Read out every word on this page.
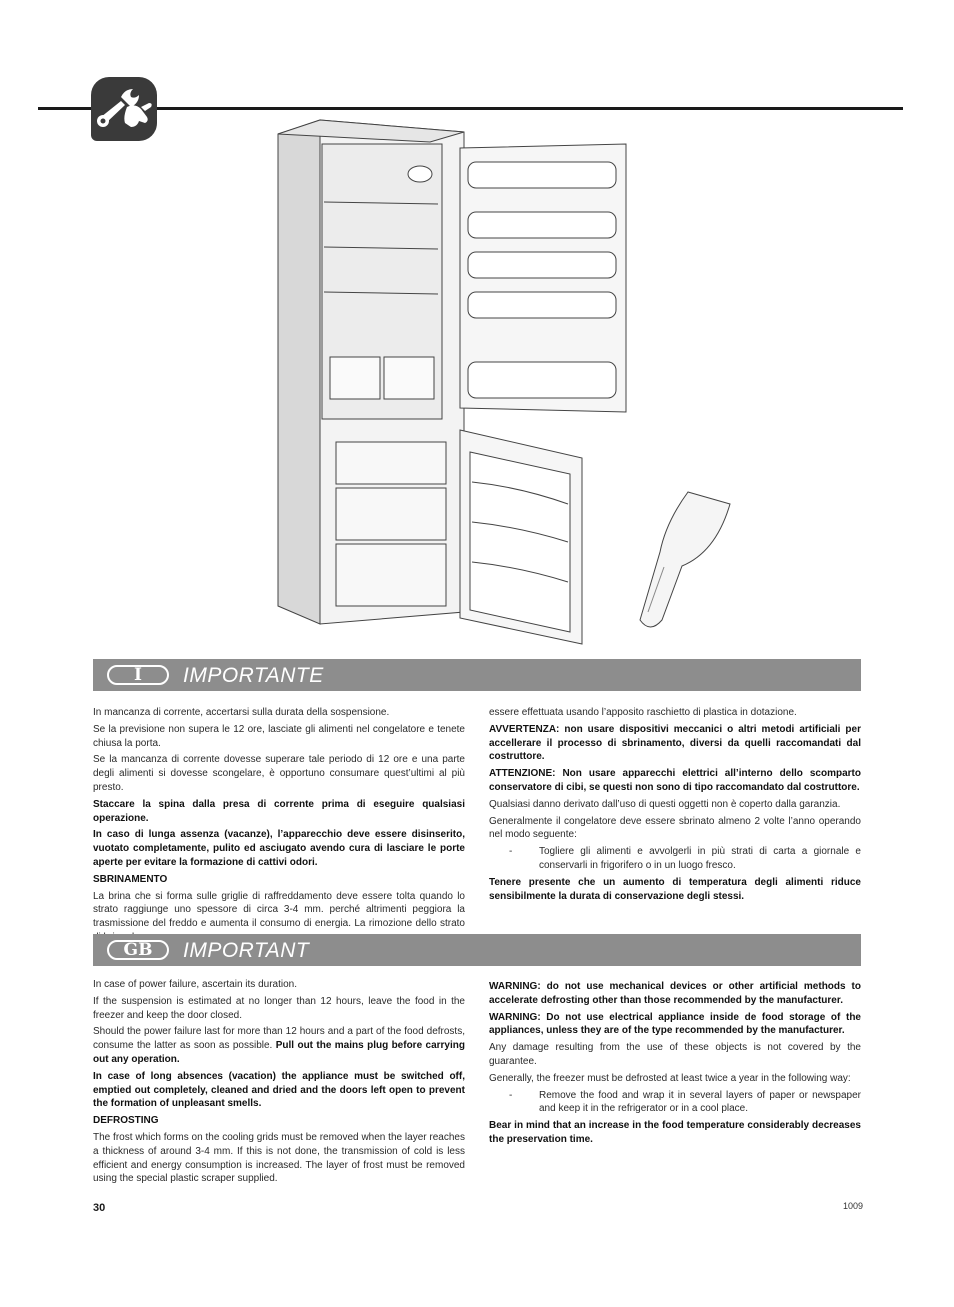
I	IMPORTANTE

In mancanza di corrente, accertarsi sulla durata della sospensione.

Se la previsione non supera le 12 ore, lasciate gli alimenti nel congelatore e tenete chiusa la porta.

Se la mancanza di corrente dovesse superare tale periodo di 12 ore e una parte degli alimenti si dovesse scongelare, è opportuno consumare quest’ultimi al più presto.

Staccare la spina dalla presa di corrente prima di eseguire qualsiasi operazione.

In caso di lunga assenza (vacanze), l’apparecchio deve essere disinserito, vuotato completamente, pulito ed asciugato avendo cura di lasciare le porte aperte per evitare la formazione di cattivi odori.

SBRINAMENTO

La brina che si forma sulle griglie di raffreddamento deve essere tolta quando lo strato raggiunge uno spessore di circa 3-4 mm. perché altrimenti peggiora la trasmissione del freddo e aumenta il consumo di energia. La rimozione dello strato

essere effettuata usando l’apposito raschietto di plastica in dotazione.

AVVERTENZA: non usare dispositivi meccanici o altri metodi artificiali per accellerare il processo di sbrinamento, diversi da quelli raccomandati dal costruttore.

ATTENZIONE: Non usare apparecchi elettrici all’interno dello scomparto conservatore di cibi, se questi non sono di tipo raccomandato dal costruttore.

Qualsiasi danno derivato dall’uso di questi oggetti non è coperto dalla garanzia.

Generalmente il congelatore deve essere sbrinato almeno 2 volte l’anno operando nel modo seguente:

-	Togliere gli alimenti e avvolgerli in più strati di carta a giornale e conservarli in frigorifero o in un luogo fresco.

Tenere presente che un aumento di temperatura degli alimenti riduce sensibilmente la durata di conservazione degli stessi.

GB	IMPORTANT

In case of power failure, ascertain its duration.

If the suspension is estimated at no longer than 12 hours, leave the food in the freezer and keep the door closed.

Should the power failure last for more than 12 hours and a part of the food defrosts, consume the latter as soon as possible. Pull out the mains plug before carrying out any operation.

In case of long absences (vacation) the appliance must be switched off, emptied out completely, cleaned and dried and the doors left open to prevent the formation of unpleasant smells.

DEFROSTING

The frost which forms on the cooling grids must be removed when the layer reaches a thickness of around 3-4 mm. If this is not done, the transmission of cold is less efficient and energy consumption is increased. The layer of frost must be removed using the special plastic scraper supplied.

WARNING: do not use mechanical devices or other artificial methods to accelerate defrosting other than those recommended by the manufacturer.

WARNING: Do not use electrical appliance inside de food storage of the appliances, unless they are of the type recommended by the manufacturer.

Any damage resulting from the use of these objects is not covered by the guarantee.

Generally, the freezer must be defrosted at least twice a year in the following way:

-	Remove the food and wrap it in several layers of paper or newspaper and keep it in the refrigerator or in a cool place.

Bear in mind that an increase in the food temperature considerably decreases the preservation time.

30	1009
